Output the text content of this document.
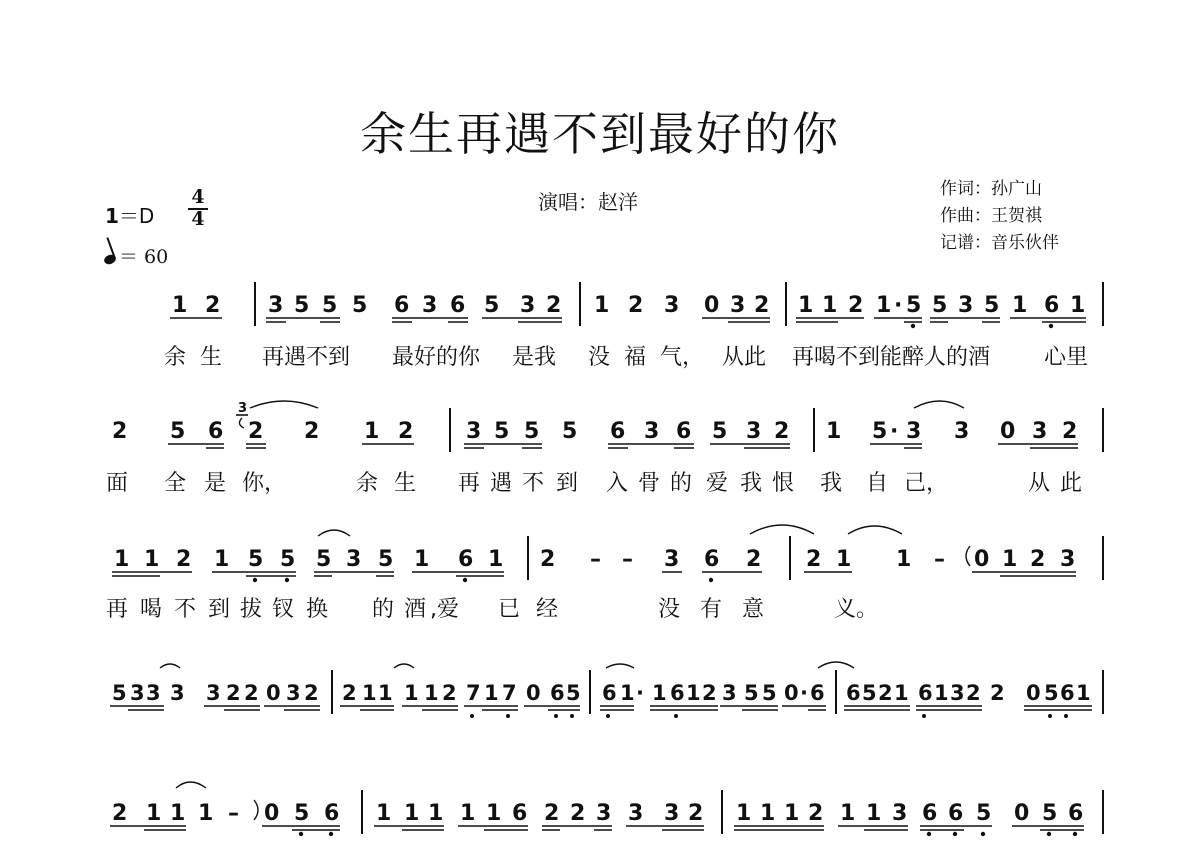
余生再遇不到最好的你
演唱：赵洋
作词：孙广山
作曲：王贺祺
记谱：音乐伙伴
1＝D
4
4
＝ 60
1 2 3 5 5 5 6 3 6 5 3 2 1 2 3 0 3 2 1 1 2 1 · 5 5 3 5 1 6 1
余 生 再遇不到 最好的你 是我 没 福 气， 从此 再喝不到能醉人的酒 心里
2 5 6
3
2 2 1 2 3 5 5 5 6 3 6 5 3 2 1 5 · 3 3 0 3 2
面 全 是 你，	余 生 再 遇 不 到 入 骨 的 爱 我 恨 我 自 己，	从 此
1 1 2 1 5 5 5 3 5 1 6 1 2 – – 3 6 2 2 1 1 – 0 1 2 3
再 喝 不 到 拔 钗 换 的 酒 ,爱 已 经	没 有 意	义。
5 3 3 3 3 2 2 0 3 2 2 1 1 1 1 2 7 1 7 0 6 5 6 1 · 1 6 1 2 3 5 5 0 · 6 6 5 2 1 6 1 3 2 2 0 5 6 1
2 1 1 1 – 0 5 6 1 1 1 1 1 6 2 2 3 3 3 2 1 1 1 2 1 1 3 6 6 5 0 5 6
